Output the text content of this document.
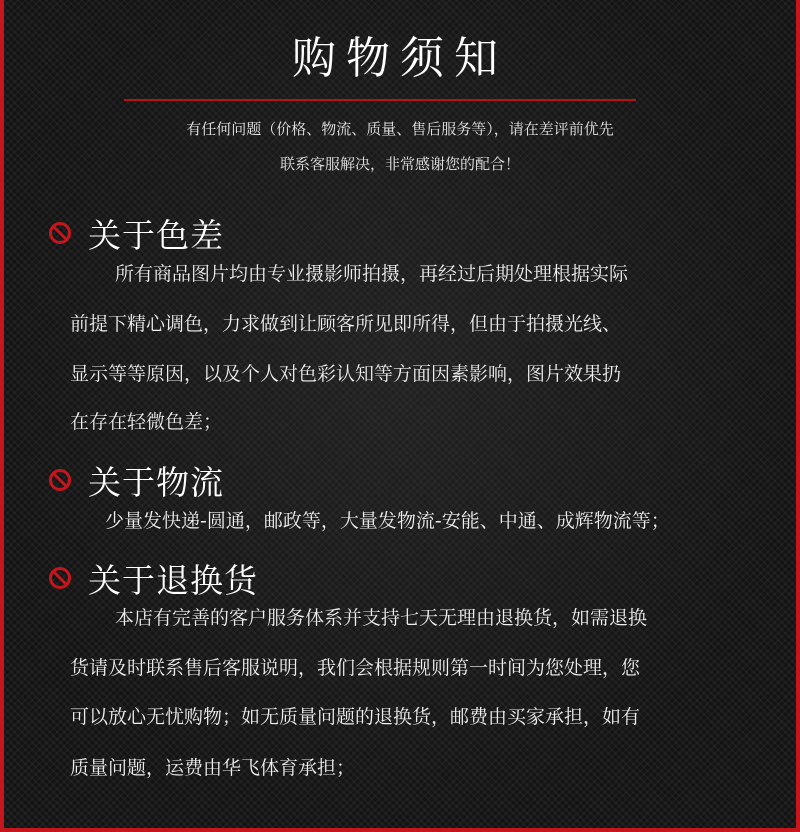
购物须知
有任何问题（价格、物流、质量、售后服务等），请在差评前优先
联系客服解决，非常感谢您的配合！
关于色差
所有商品图片均由专业摄影师拍摄，再经过后期处理根据实际
前提下精心调色，力求做到让顾客所见即所得，但由于拍摄光线、
显示等等原因，以及个人对色彩认知等方面因素影响，图片效果扔
在存在轻微色差；
关于物流
少量发快递-圆通，邮政等，大量发物流-安能、中通、成辉物流等；
关于退换货
本店有完善的客户服务体系并支持七天无理由退换货，如需退换
货请及时联系售后客服说明，我们会根据规则第一时间为您处理，您
可以放心无忧购物；如无质量问题的退换货，邮费由买家承担，如有
质量问题，运费由华飞体育承担；
